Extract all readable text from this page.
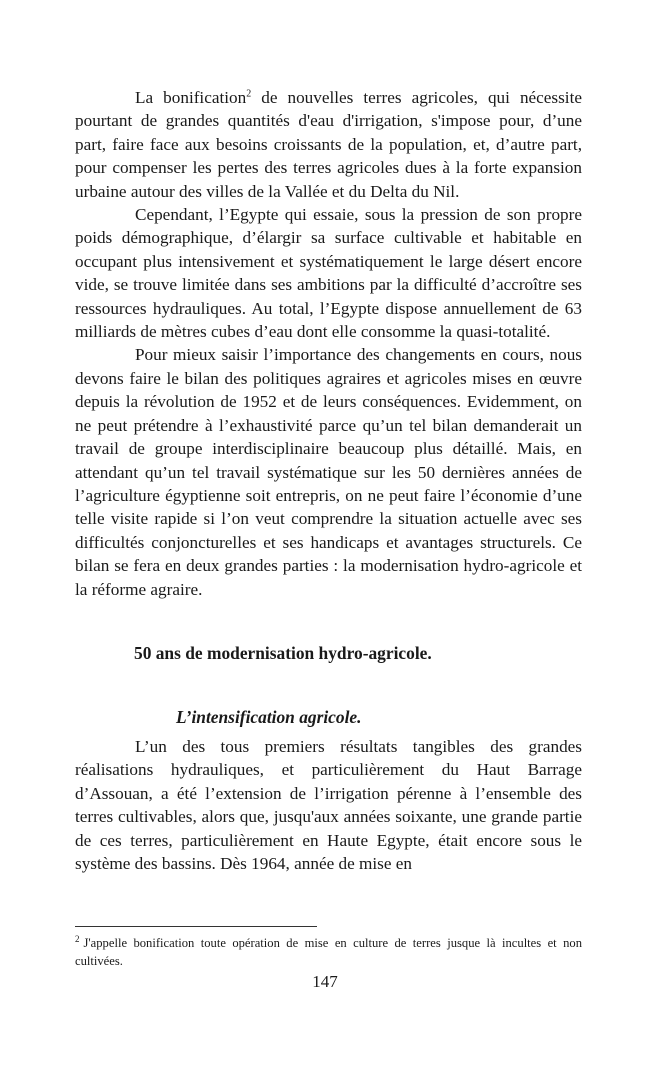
La bonification$^2$ de nouvelles terres agricoles, qui nécessite pourtant de grandes quantités d'eau d'irrigation, s'impose pour, d’une part, faire face aux besoins croissants de la population, et, d’autre part, pour compenser les pertes des terres agricoles dues à la forte expansion urbaine autour des villes de la Vallée et du Delta du Nil.

Cependant, l’Egypte qui essaie, sous la pression de son propre poids démographique, d’élargir sa surface cultivable et habitable en occupant plus intensivement et systématiquement le large désert encore vide, se trouve limitée dans ses ambitions par la difficulté d’accroître ses ressources hydrauliques. Au total, l’Egypte dispose annuellement de 63 milliards de mètres cubes d’eau dont elle consomme la quasi-totalité.

Pour mieux saisir l’importance des changements en cours, nous devons faire le bilan des politiques agraires et agricoles mises en œuvre depuis la révolution de 1952 et de leurs conséquences. Evidemment, on ne peut prétendre à l’exhaustivité parce qu’un tel bilan demanderait un travail de groupe interdisciplinaire beaucoup plus détaillé. Mais, en attendant qu’un tel travail systématique sur les 50 dernières années de l’agriculture égyptienne soit entrepris, on ne peut faire l’économie d’une telle visite rapide si l’on veut comprendre la situation actuelle avec ses difficultés conjoncturelles et ses handicaps et avantages structurels. Ce bilan se fera en deux grandes parties : la modernisation hydro-agricole et la réforme agraire.

50 ans de modernisation hydro-agricole.
L’intensification agricole.

L’un des tous premiers résultats tangibles des grandes réalisations hydrauliques, et particulièrement du Haut Barrage d’Assouan, a été l’extension de l’irrigation pérenne à l’ensemble des terres cultivables, alors que, jusqu'aux années soixante, une grande partie de ces terres, particulièrement en Haute Egypte, était encore sous le système des bassins. Dès 1964, année de mise en

$^2$ J'appelle bonification toute opération de mise en culture de terres jusque là incultes et non cultivées.

147
